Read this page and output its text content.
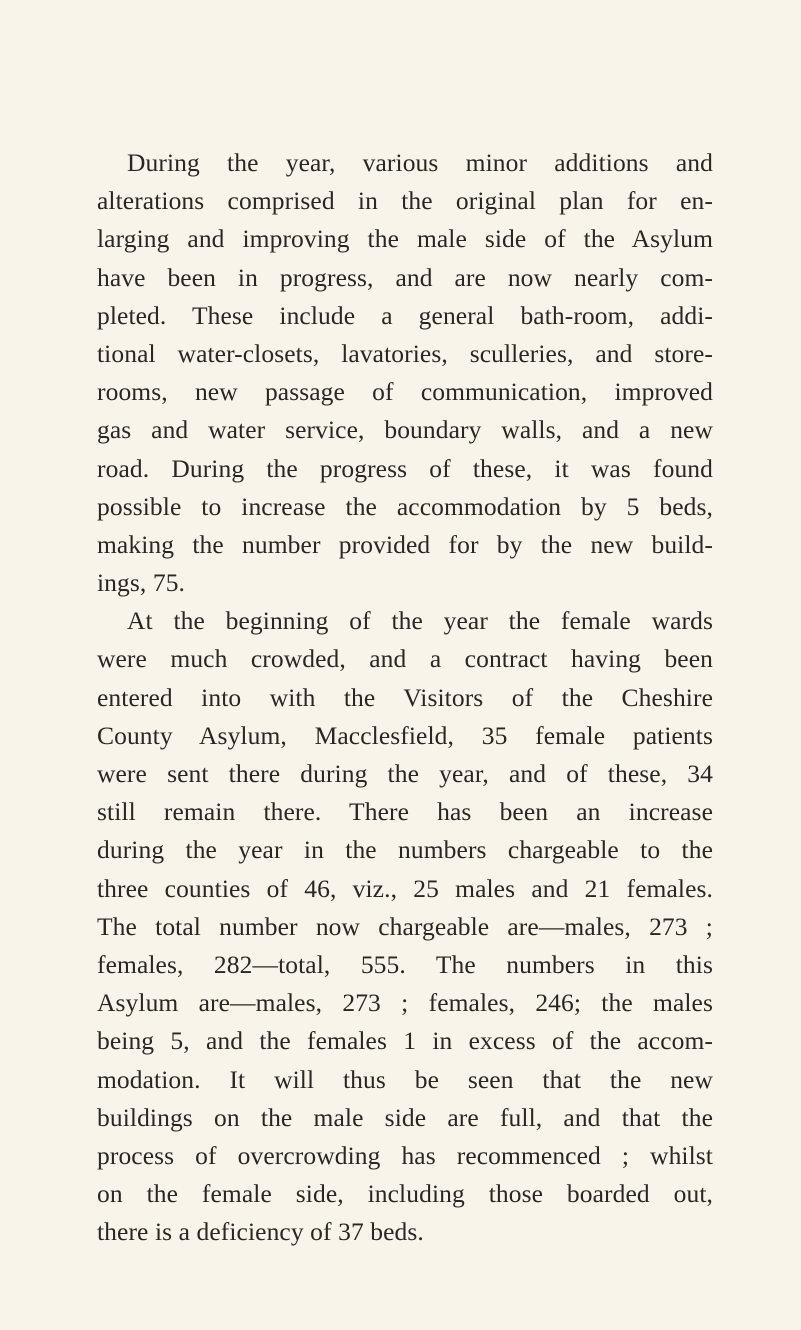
During the year, various minor additions and
alterations comprised in the original plan for en-
larging and improving the male side of the Asylum
have been in progress, and are now nearly com-
pleted. These include a general bath-room, addi-
tional water-closets, lavatories, sculleries, and store-
rooms, new passage of communication, improved
gas and water service, boundary walls, and a new
road. During the progress of these, it was found
possible to increase the accommodation by 5 beds,
making the number provided for by the new build-
ings, 75.
At the beginning of the year the female wards
were much crowded, and a contract having been
entered into with the Visitors of the Cheshire
County Asylum, Macclesfield, 35 female patients
were sent there during the year, and of these, 34
still remain there. There has been an increase
during the year in the numbers chargeable to the
three counties of 46, viz., 25 males and 21 females.
The total number now chargeable are—males, 273 ;
females, 282—total, 555. The numbers in this
Asylum are—males, 273 ; females, 246; the males
being 5, and the females 1 in excess of the accom-
modation. It will thus be seen that the new
buildings on the male side are full, and that the
process of overcrowding has recommenced ; whilst
on the female side, including those boarded out,
there is a deficiency of 37 beds.
